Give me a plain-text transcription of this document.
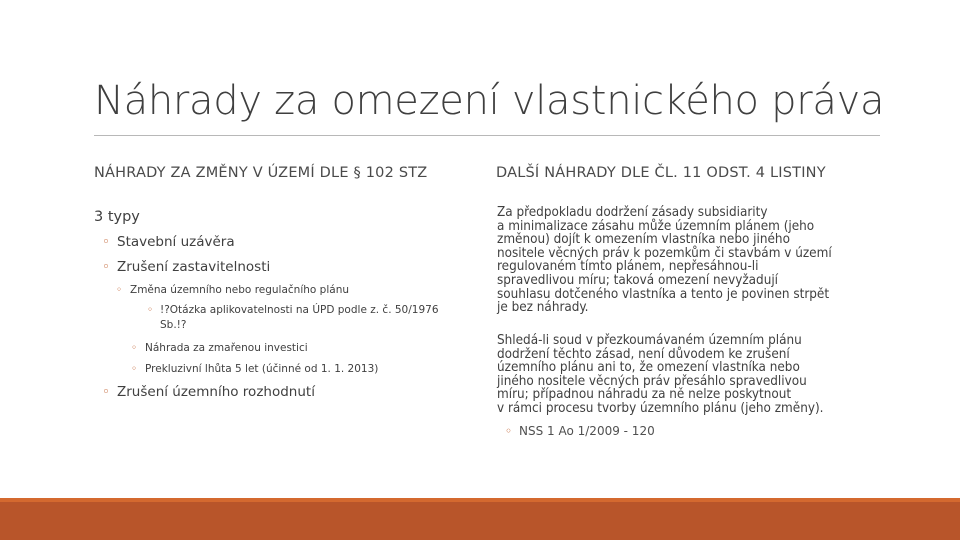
Náhrady za omezení vlastnického práva
NÁHRADY ZA ZMĚNY V ÚZEMÍ DLE § 102 STZ
3 typy
◦ Stavební uzávěra
◦ Zrušení zastavitelnosti
◦ Změna územního nebo regulačního plánu
◦ !?Otázka aplikovatelnosti na ÚPD podle z. č. 50/1976
Sb.!?
◦ Náhrada za zmařenou investici
◦ Prekluzivní lhůta 5 let (účinné od 1. 1. 2013)
◦ Zrušení územního rozhodnutí
DALŠÍ NÁHRADY DLE ČL. 11 ODST. 4 LISTINY
Za předpokladu dodržení zásady subsidiarity
a minimalizace zásahu může územním plánem (jeho
změnou) dojít k omezením vlastníka nebo jiného
nositele věcných práv k pozemkům či stavbám v území
regulovaném tímto plánem, nepřesáhnou-li
spravedlivou míru; taková omezení nevyžadují
souhlasu dotčeného vlastníka a tento je povinen strpět
je bez náhrady.
Shledá-li soud v přezkoumávaném územním plánu
dodržení těchto zásad, není důvodem ke zrušení
územního plánu ani to, že omezení vlastníka nebo
jiného nositele věcných práv přesáhlo spravedlivou
míru; případnou náhradu za ně nelze poskytnout
v rámci procesu tvorby územního plánu (jeho změny).
◦ NSS 1 Ao 1/2009 - 120
